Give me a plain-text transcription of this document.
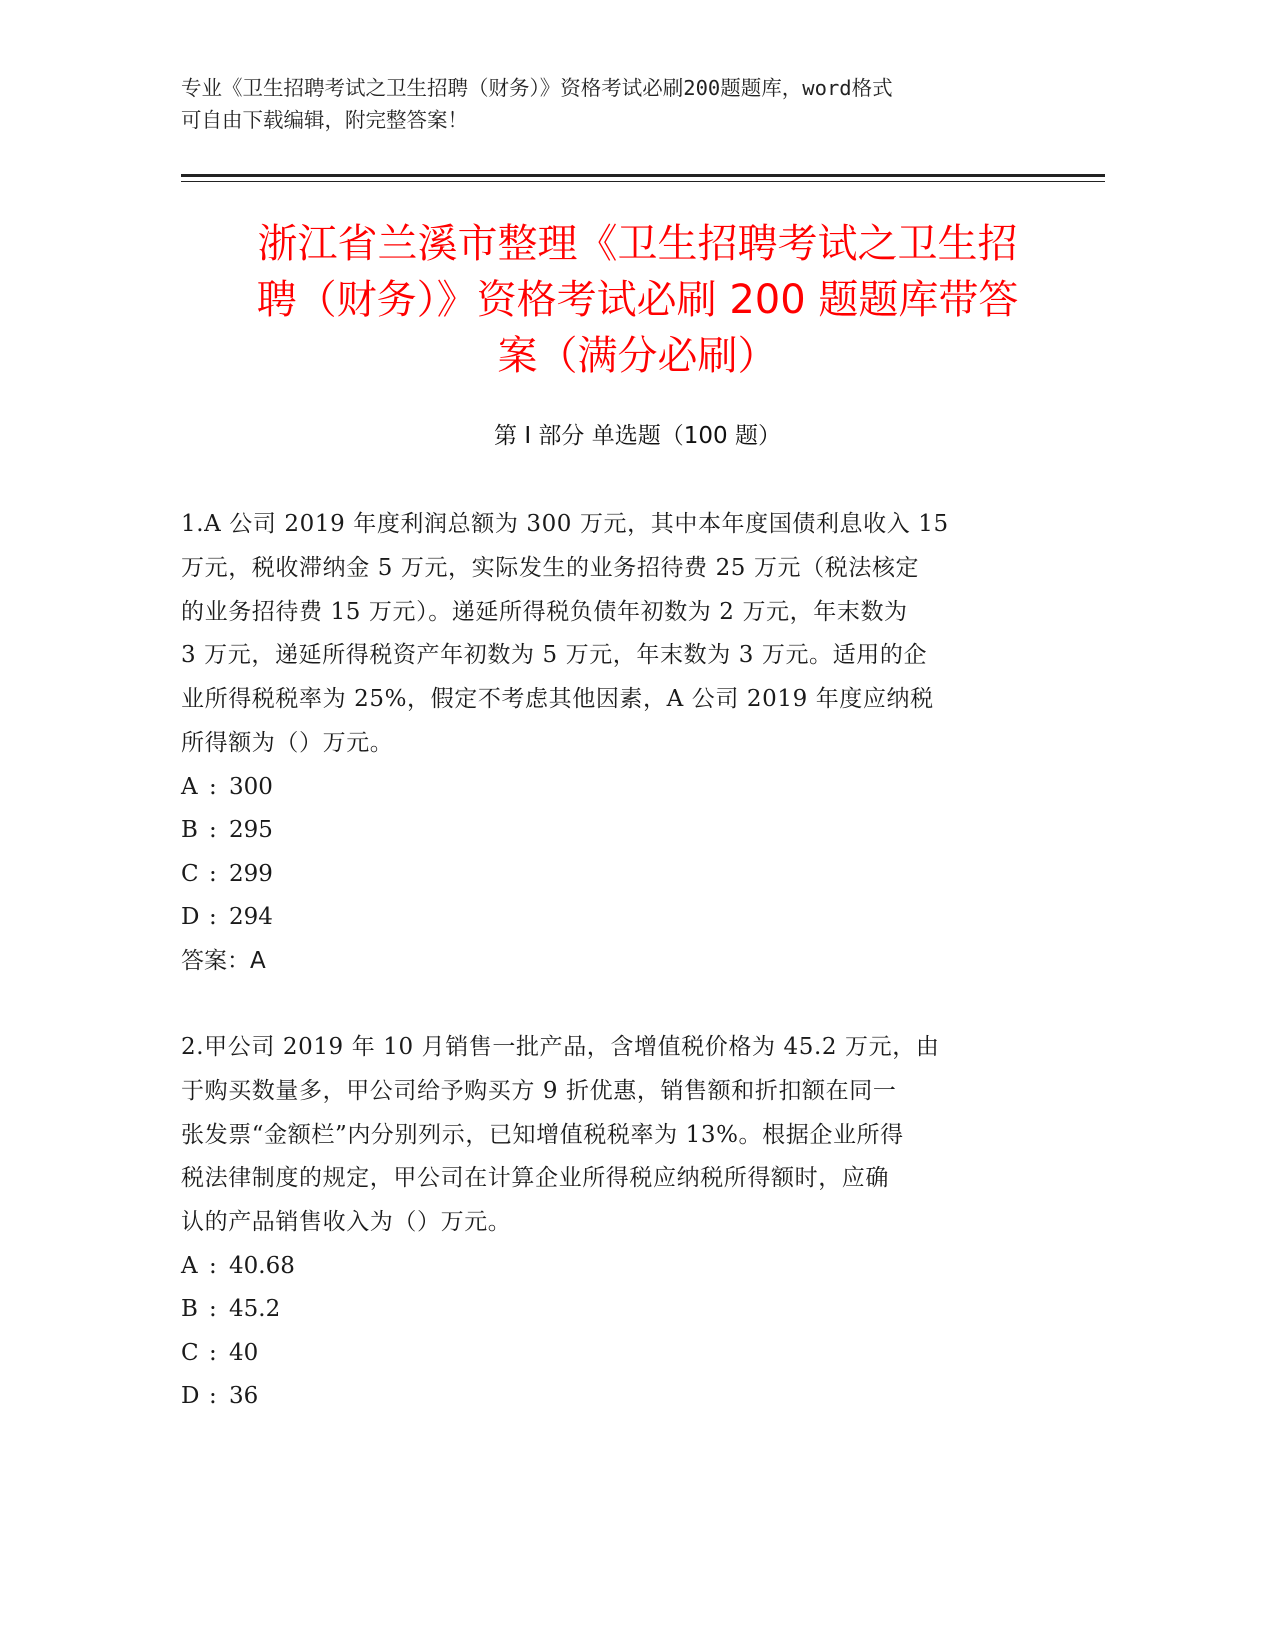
专业《卫生招聘考试之卫生招聘（财务）》资格考试必刷200题题库，word格式

可自由下载编辑，附完整答案！

浙江省兰溪市整理《卫生招聘考试之卫生招
聘（财务）》资格考试必刷 200 题题库带答
案（满分必刷）
第 I 部分 单选题（100 题）

1.A 公司 2019 年度利润总额为 300 万元，其中本年度国债利息收入 15
万元，税收滞纳金 5 万元，实际发生的业务招待费 25 万元（税法核定
的业务招待费 15 万元）。递延所得税负债年初数为 2 万元，年末数为
3 万元，递延所得税资产年初数为 5 万元，年末数为 3 万元。适用的企
业所得税税率为 25%，假定不考虑其他因素，A 公司 2019 年度应纳税
所得额为（）万元。

A : 300
B : 295
C : 299
D : 294

答案：A

2.甲公司 2019 年 10 月销售一批产品，含增值税价格为 45.2 万元，由
于购买数量多，甲公司给予购买方 9 折优惠，销售额和折扣额在同一
张发票“金额栏”内分别列示，已知增值税税率为 13%。根据企业所得
税法律制度的规定，甲公司在计算企业所得税应纳税所得额时，应确
认的产品销售收入为（）万元。

A : 40.68
B : 45.2
C : 40
D : 36
